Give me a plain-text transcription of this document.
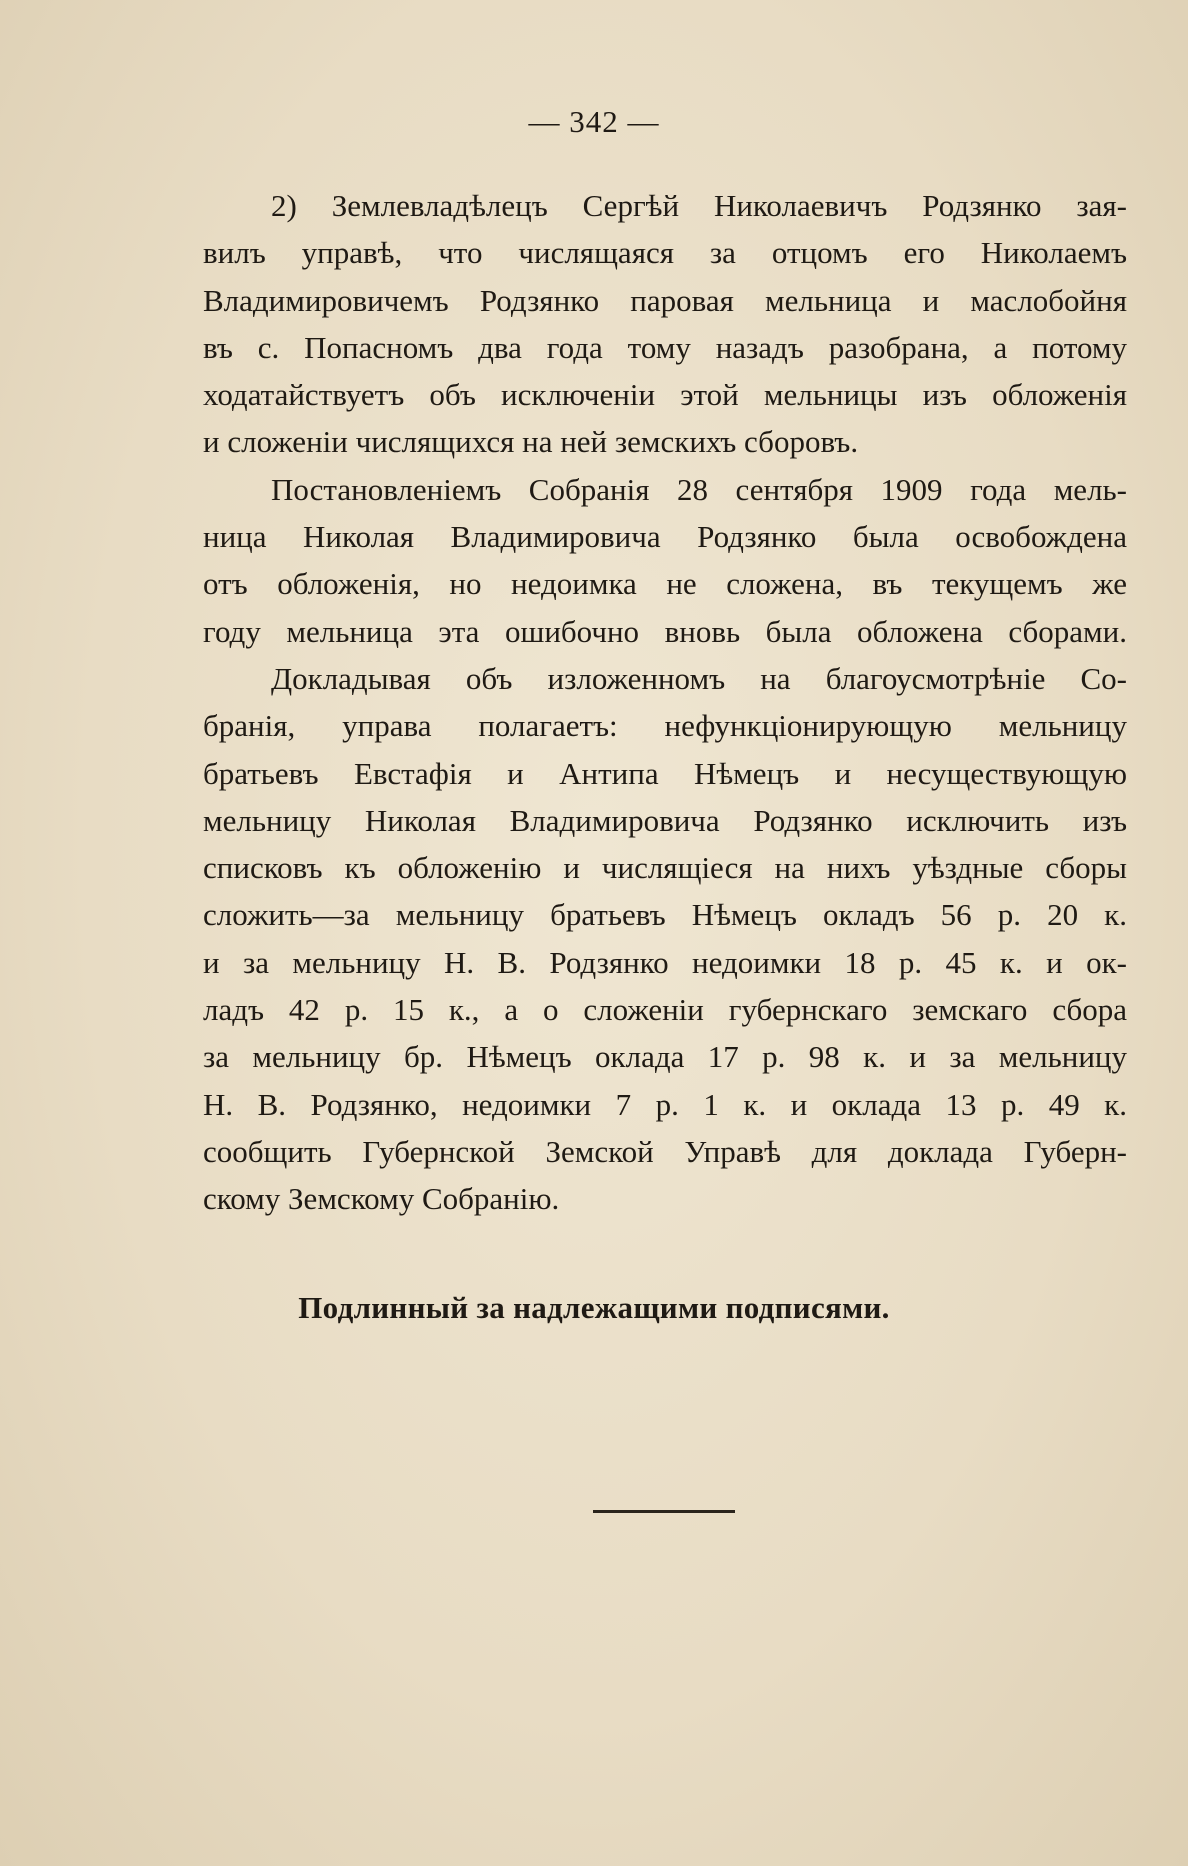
— 342 —
2) Землевладѣлецъ Сергѣй Николаевичъ Родзянко зая-
вилъ управѣ, что числящаяся за отцомъ его Николаемъ
Владимировичемъ Родзянко паровая мельница и маслобойня
въ с. Попасномъ два года тому назадъ разобрана, а потому
ходатайствуетъ объ исключенiи этой мельницы изъ обложенiя
и сложенiи числящихся на ней земскихъ сборовъ.
Постановленiемъ Собранiя 28 сентября 1909 года мель-
ница Николая Владимировича Родзянко была освобождена
отъ обложенiя, но недоимка не сложена, въ текущемъ же
году мельница эта ошибочно вновь была обложена сборами.
Докладывая объ изложенномъ на благоусмотрѣнiе Со-
бранiя, управа полагаетъ: нефункцiонирующую мельницу
братьевъ Евстафiя и Антипа Нѣмецъ и несуществующую
мельницу Николая Владимировича Родзянко исключить изъ
списковъ къ обложенiю и числящiеся на нихъ уѣздные сборы
сложить—за мельницу братьевъ Нѣмецъ окладъ 56 р. 20 к.
и за мельницу Н. В. Родзянко недоимки 18 р. 45 к. и ок-
ладъ 42 р. 15 к., а о сложенiи губернскаго земскаго сбора
за мельницу бр. Нѣмецъ оклада 17 р. 98 к. и за мельницу
Н. В. Родзянко, недоимки 7 р. 1 к. и оклада 13 р. 49 к.
сообщить Губернской Земской Управѣ для доклада Губерн-
скому Земскому Собранiю.
Подлинный за надлежащими подписями.
